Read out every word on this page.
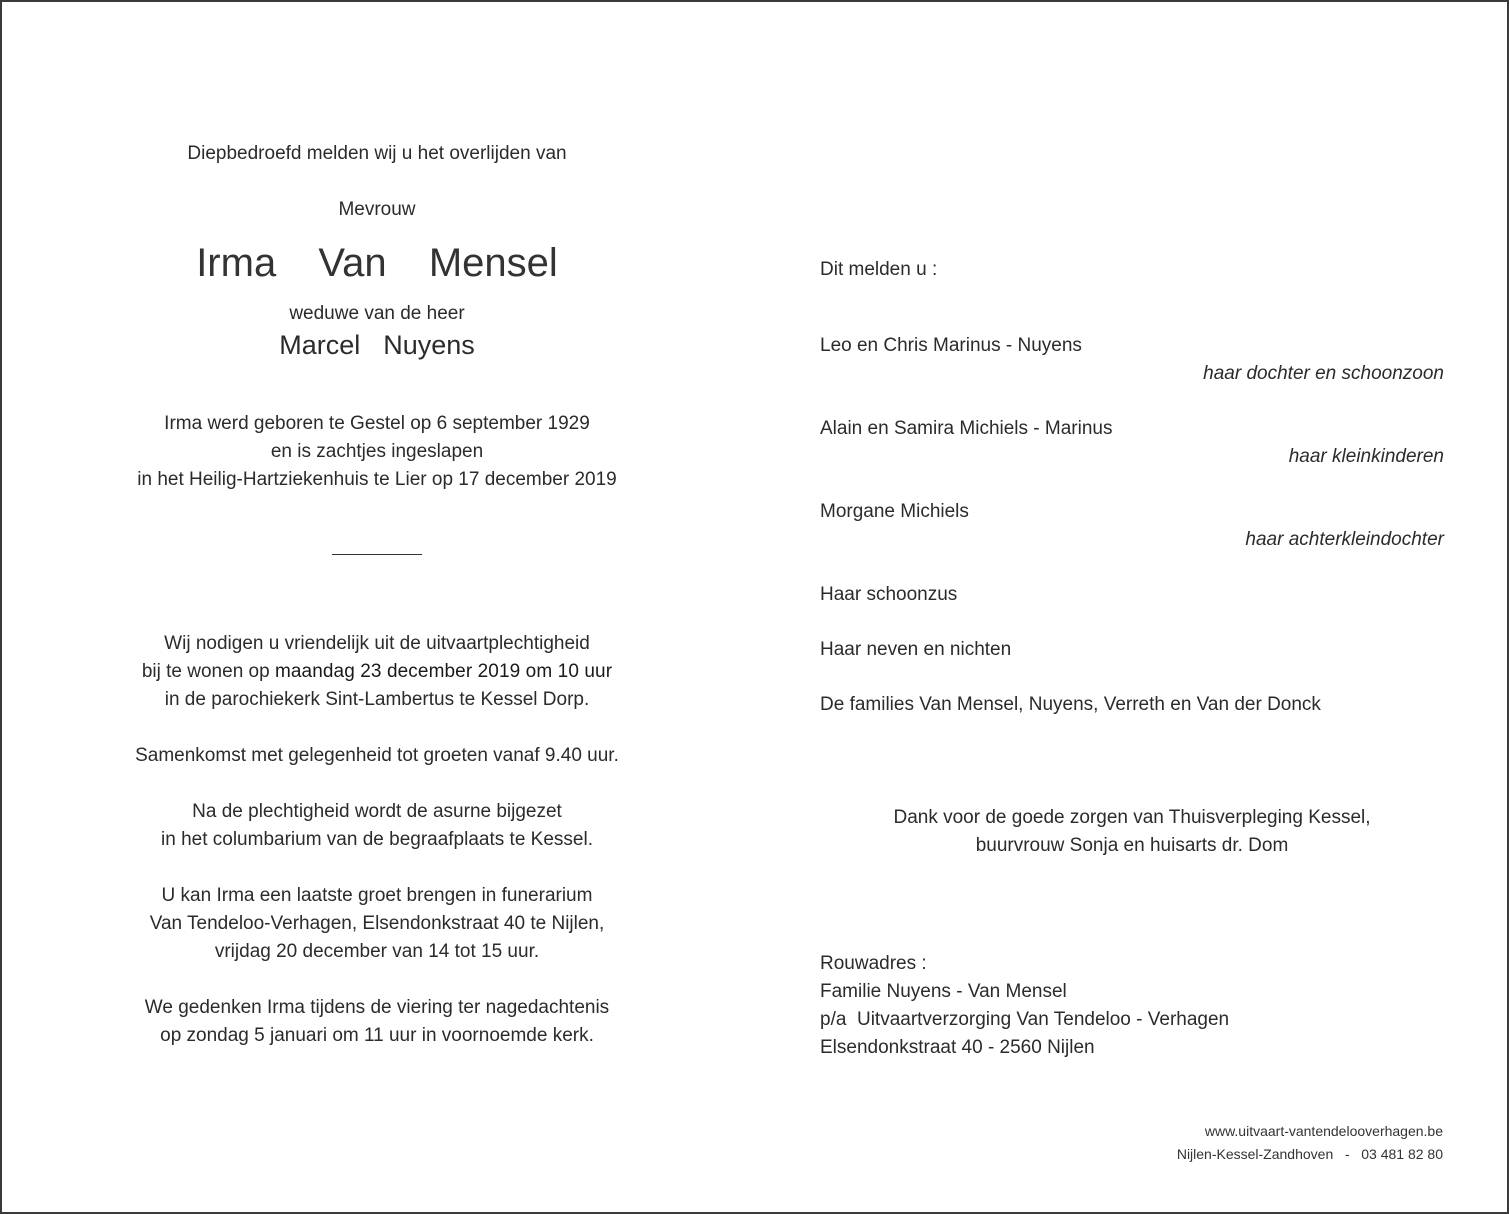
Diepbedroefd melden wij u het overlijden van
Mevrouw
Irma  Van  Mensel
weduwe van de heer
Marcel  Nuyens
Irma werd geboren te Gestel op 6 september 1929
en is zachtjes ingeslapen
in het Heilig-Hartziekenhuis te Lier op 17 december 2019
Wij nodigen u vriendelijk uit de uitvaartplechtigheid
bij te wonen op maandag 23 december 2019 om 10 uur
in de parochiekerk Sint-Lambertus te Kessel Dorp.
Samenkomst met gelegenheid tot groeten vanaf 9.40 uur.
Na de plechtigheid wordt de asurne bijgezet
in het columbarium van de begraafplaats te Kessel.
U kan Irma een laatste groet brengen in funerarium
Van Tendeloo-Verhagen, Elsendonkstraat 40 te Nijlen,
vrijdag 20 december van 14 tot 15 uur.
We gedenken Irma tijdens de viering ter nagedachtenis
op zondag 5 januari om 11 uur in voornoemde kerk.
Dit melden u :
Leo en Chris Marinus - Nuyens
haar dochter en schoonzoon
Alain en Samira Michiels - Marinus
haar kleinkinderen
Morgane Michiels
haar achterkleindochter
Haar schoonzus
Haar neven en nichten
De families Van Mensel, Nuyens, Verreth en Van der Donck
Dank voor de goede zorgen van Thuisverpleging Kessel,
buurvrouw Sonja en huisarts dr. Dom
Rouwadres :
Familie Nuyens - Van Mensel
p/a  Uitvaartverzorging Van Tendeloo - Verhagen
Elsendonkstraat 40 - 2560 Nijlen
www.uitvaart-vantendelooverhagen.be
Nijlen-Kessel-Zandhoven   -   03 481 82 80
